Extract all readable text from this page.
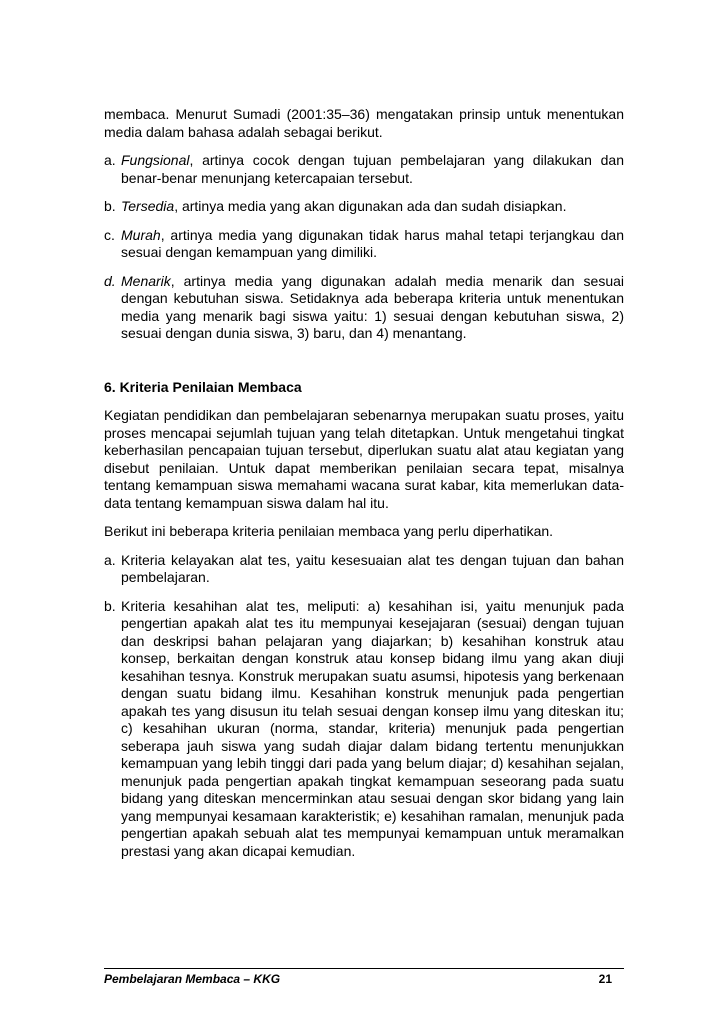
membaca. Menurut Sumadi (2001:35–36) mengatakan prinsip untuk menentukan media dalam bahasa adalah sebagai berikut.

a. Fungsional, artinya cocok dengan tujuan pembelajaran yang dilakukan dan benar-benar menunjang ketercapaian tersebut.
b. Tersedia, artinya media yang akan digunakan ada dan sudah disiapkan.
c. Murah, artinya media yang digunakan tidak harus mahal tetapi terjangkau dan sesuai dengan kemampuan yang dimiliki.
d. Menarik, artinya media yang digunakan adalah media menarik dan sesuai dengan kebutuhan siswa. Setidaknya ada beberapa kriteria untuk menentukan media yang menarik bagi siswa yaitu: 1) sesuai dengan kebutuhan siswa, 2) sesuai dengan dunia siswa, 3) baru, dan 4) menantang.
6. Kriteria Penilaian Membaca

Kegiatan pendidikan dan pembelajaran sebenarnya merupakan suatu proses, yaitu proses mencapai sejumlah tujuan yang telah ditetapkan. Untuk mengetahui tingkat keberhasilan pencapaian tujuan tersebut, diperlukan suatu alat atau kegiatan yang disebut penilaian. Untuk dapat memberikan penilaian secara tepat, misalnya tentang kemampuan siswa memahami wacana surat kabar, kita memerlukan data-data tentang kemampuan siswa dalam hal itu.

Berikut ini beberapa kriteria penilaian membaca yang perlu diperhatikan.

a. Kriteria kelayakan alat tes, yaitu kesesuaian alat tes dengan tujuan dan bahan pembelajaran.
b. Kriteria kesahihan alat tes, meliputi: a) kesahihan isi, yaitu menunjuk pada pengertian apakah alat tes itu mempunyai kesejajaran (sesuai) dengan tujuan dan deskripsi bahan pelajaran yang diajarkan; b) kesahihan konstruk atau konsep, berkaitan dengan konstruk atau konsep bidang ilmu yang akan diuji kesahihan tesnya. Konstruk merupakan suatu asumsi, hipotesis yang berkenaan dengan suatu bidang ilmu. Kesahihan konstruk menunjuk pada pengertian apakah tes yang disusun itu telah sesuai dengan konsep ilmu yang diteskan itu; c) kesahihan ukuran (norma, standar, kriteria) menunjuk pada pengertian seberapa jauh siswa yang sudah diajar dalam bidang tertentu menunjukkan kemampuan yang lebih tinggi dari pada yang belum diajar; d) kesahihan sejalan, menunjuk pada pengertian apakah tingkat kemampuan seseorang pada suatu bidang yang diteskan mencerminkan atau sesuai dengan skor bidang yang lain yang mempunyai kesamaan karakteristik; e) kesahihan ramalan, menunjuk pada pengertian apakah sebuah alat tes mempunyai kemampuan untuk meramalkan prestasi yang akan dicapai kemudian.
Pembelajaran Membaca – KKG	21
